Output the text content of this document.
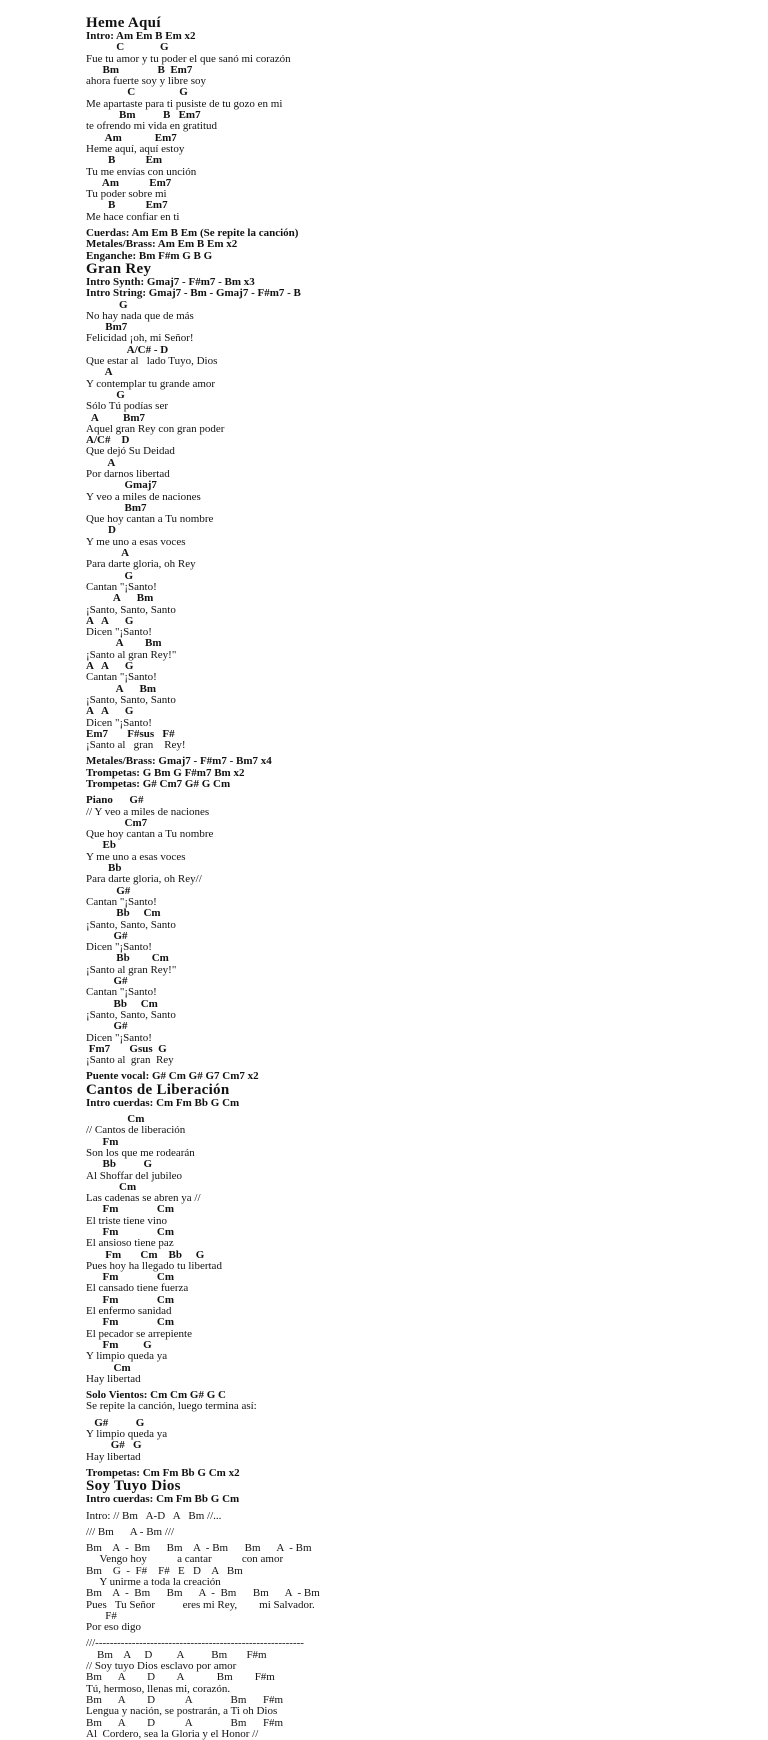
Heme Aquí
Intro: Am Em B Em x2
C             G
Fue tu amor y tu poder el que sanó mi corazón
Bm              B  Em7
ahora fuerte soy y libre soy
C                G
Me apartaste para ti pusiste de tu gozo en mi
Bm          B   Em7
te ofrendo mi vida en gratitud
Am            Em7
Heme aquí, aquí estoy
B           Em
Tu me envías con unción
Am           Em7
Tu poder sobre mi
B           Em7
Me hace confiar en ti
Cuerdas: Am Em B Em (Se repite la canción)
Metales/Brass: Am Em B Em x2
Enganche: Bm F#m G B G
Gran Rey
Intro Synth: Gmaj7 - F#m7 - Bm x3
Intro String: Gmaj7 - Bm - Gmaj7 - F#m7 - B
G
No hay nada que de más
Bm7
Felicidad ¡oh, mi Señor!
A/C# - D
Que estar al   lado Tuyo, Dios
A
Y contemplar tu grande amor
G
Sólo Tú podías ser
A         Bm7
Aquel gran Rey con gran poder
A/C#    D
Que dejó Su Deidad
A
Por darnos libertad
Gmaj7
Y veo a miles de naciones
Bm7
Que hoy cantan a Tu nombre
D
Y me uno a esas voces
A
Para darte gloria, oh Rey
G
Cantan "¡Santo!
A      Bm
¡Santo, Santo, Santo
A   A      G
Dicen "¡Santo!
A        Bm
¡Santo al gran Rey!"
A   A      G
Cantan "¡Santo!
A      Bm
¡Santo, Santo, Santo
A   A      G
Dicen "¡Santo!
Em7       F#sus   F#
¡Santo al   gran    Rey!
Metales/Brass: Gmaj7 - F#m7 - Bm7 x4
Trompetas: G Bm G F#m7 Bm x2
Trompetas: G# Cm7 G# G Cm
Piano      G#
// Y veo a miles de naciones
Cm7
Que hoy cantan a Tu nombre
Eb
Y me uno a esas voces
Bb
Para darte gloria, oh Rey//
G#
Cantan "¡Santo!
Bb     Cm
¡Santo, Santo, Santo
G#
Dicen "¡Santo!
Bb        Cm
¡Santo al gran Rey!"
G#
Cantan "¡Santo!
Bb     Cm
¡Santo, Santo, Santo
G#
Dicen "¡Santo!
Fm7       Gsus  G
¡Santo al  gran  Rey
Puente vocal: G# Cm G# G7 Cm7 x2
Cantos de Liberación
Intro cuerdas: Cm Fm Bb G Cm
Cm
// Cantos de liberación
Fm
Son los que me rodearán
Bb          G
Al Shoffar del jubileo
Cm
Las cadenas se abren ya //
Fm              Cm
El triste tiene vino
Fm              Cm
El ansioso tiene paz
Fm       Cm    Bb     G
Pues hoy ha llegado tu libertad
Fm              Cm
El cansado tiene fuerza
Fm              Cm
El enfermo sanidad
Fm              Cm
El pecador se arrepiente
Fm         G
Y limpio queda ya
Cm
Hay libertad
Solo Vientos: Cm Cm G# G C
Se repite la canción, luego termina así:
G#          G
Y limpio queda ya
G#   G
Hay libertad
Trompetas: Cm Fm Bb G Cm x2
Soy Tuyo Dios
Intro cuerdas: Cm Fm Bb G Cm
Intro: // Bm   A-D   A   Bm //...
/// Bm      A - Bm ///
Bm    A  -  Bm      Bm    A  - Bm      Bm      A  - Bm
Vengo hoy           a cantar           con amor
Bm    G  -  F#    F#   E   D    A   Bm
Y unirme a toda la creación
Bm    A  -  Bm      Bm      A  -  Bm      Bm      A  - Bm
Pues   Tu Señor          eres mi Rey,        mi Salvador.
F#
Por eso digo
///---------------------------------------------------------
Bm    A     D         A          Bm       F#m
// Soy tuyo Dios esclavo por amor
Bm      A        D        A            Bm        F#m
Tú, hermoso, llenas mi, corazón.
Bm      A        D           A              Bm      F#m
Lengua y nación, se postrarán, a Ti oh Dios
Bm      A        D           A              Bm      F#m
Al  Cordero, sea la Gloria y el Honor //
